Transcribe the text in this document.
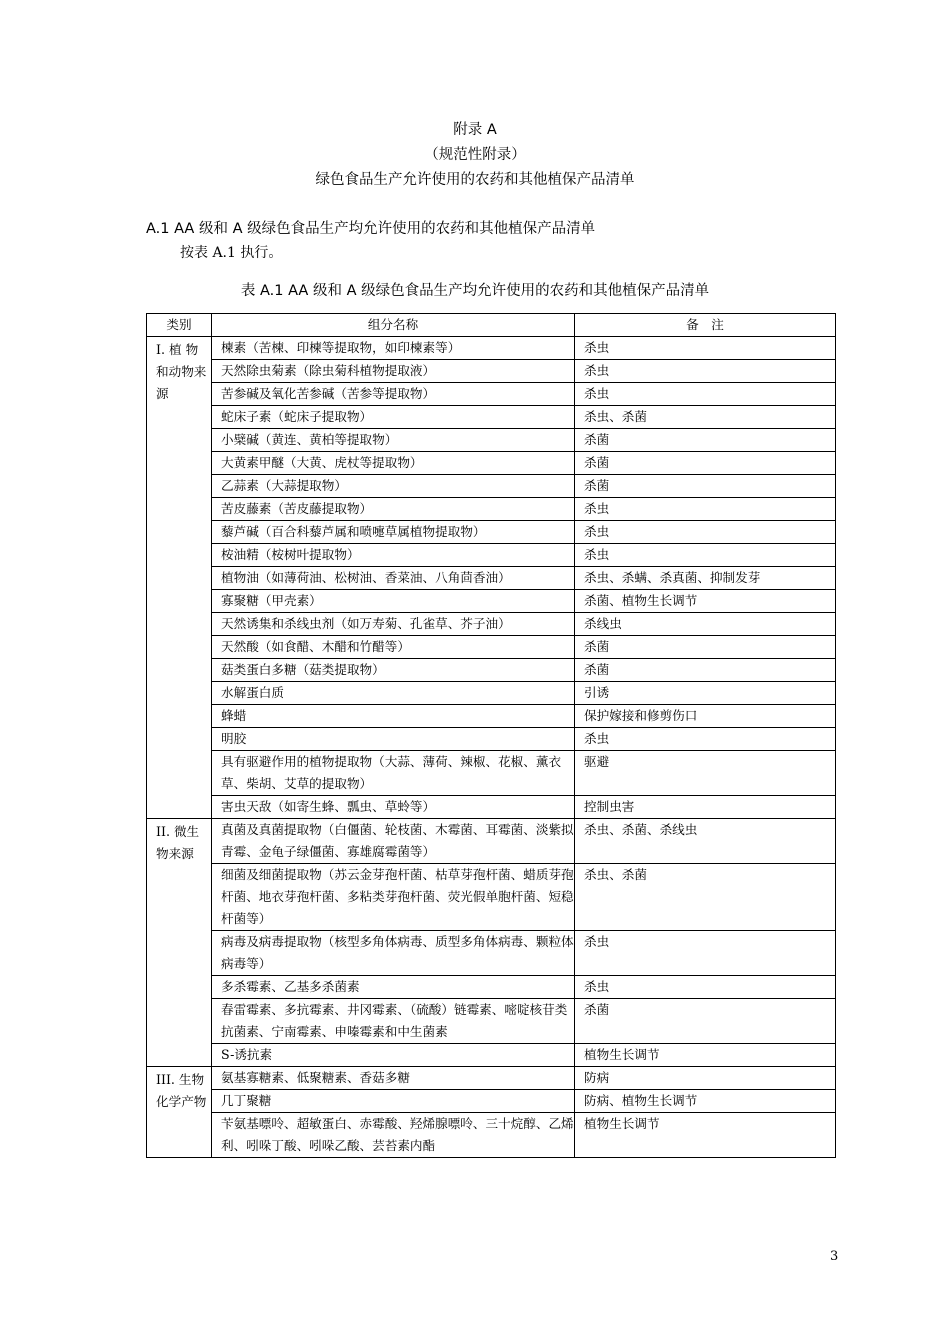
附录 A
（规范性附录）
绿色食品生产允许使用的农药和其他植保产品清单
A.1 AA 级和 A 级绿色食品生产均允许使用的农药和其他植保产品清单
按表 A.1 执行。
表 A.1 AA 级和 A 级绿色食品生产均允许使用的农药和其他植保产品清单
类别	组分名称	备　注
I. 植 物和动物来源	楝素（苦楝、印楝等提取物，如印楝素等）	杀虫
	天然除虫菊素（除虫菊科植物提取液）	杀虫
	苦参碱及氧化苦参碱（苦参等提取物）	杀虫
	蛇床子素（蛇床子提取物）	杀虫、杀菌
	小檗碱（黄连、黄柏等提取物）	杀菌
	大黄素甲醚（大黄、虎杖等提取物）	杀菌
	乙蒜素（大蒜提取物）	杀菌
	苦皮藤素（苦皮藤提取物）	杀虫
	藜芦碱（百合科藜芦属和喷嚏草属植物提取物）	杀虫
	桉油精（桉树叶提取物）	杀虫
	植物油（如薄荷油、松树油、香菜油、八角茴香油）	杀虫、杀螨、杀真菌、抑制发芽
	寡聚糖（甲壳素）	杀菌、植物生长调节
	天然诱集和杀线虫剂（如万寿菊、孔雀草、芥子油）	杀线虫
	天然酸（如食醋、木醋和竹醋等）	杀菌
	菇类蛋白多糖（菇类提取物）	杀菌
	水解蛋白质	引诱
	蜂蜡	保护嫁接和修剪伤口
	明胶	杀虫
	具有驱避作用的植物提取物（大蒜、薄荷、辣椒、花椒、薰衣草、柴胡、艾草的提取物）	驱避
	害虫天敌（如寄生蜂、瓢虫、草蛉等）	控制虫害
II. 微生物来源	真菌及真菌提取物（白僵菌、轮枝菌、木霉菌、耳霉菌、淡紫拟青霉、金龟子绿僵菌、寡雄腐霉菌等）	杀虫、杀菌、杀线虫
	细菌及细菌提取物（苏云金芽孢杆菌、枯草芽孢杆菌、蜡质芽孢杆菌、地衣芽孢杆菌、多粘类芽孢杆菌、荧光假单胞杆菌、短稳杆菌等）	杀虫、杀菌
	病毒及病毒提取物（核型多角体病毒、质型多角体病毒、颗粒体病毒等）	杀虫
	多杀霉素、乙基多杀菌素	杀虫
	春雷霉素、多抗霉素、井冈霉素、（硫酸）链霉素、嘧啶核苷类抗菌素、宁南霉素、申嗪霉素和中生菌素	杀菌
	S-诱抗素	植物生长调节
III. 生物化学产物	氨基寡糖素、低聚糖素、香菇多糖	防病
	几丁聚糖	防病、植物生长调节
	苄氨基嘌呤、超敏蛋白、赤霉酸、羟烯腺嘌呤、三十烷醇、乙烯利、吲哚丁酸、吲哚乙酸、芸苔素内酯	植物生长调节
3
